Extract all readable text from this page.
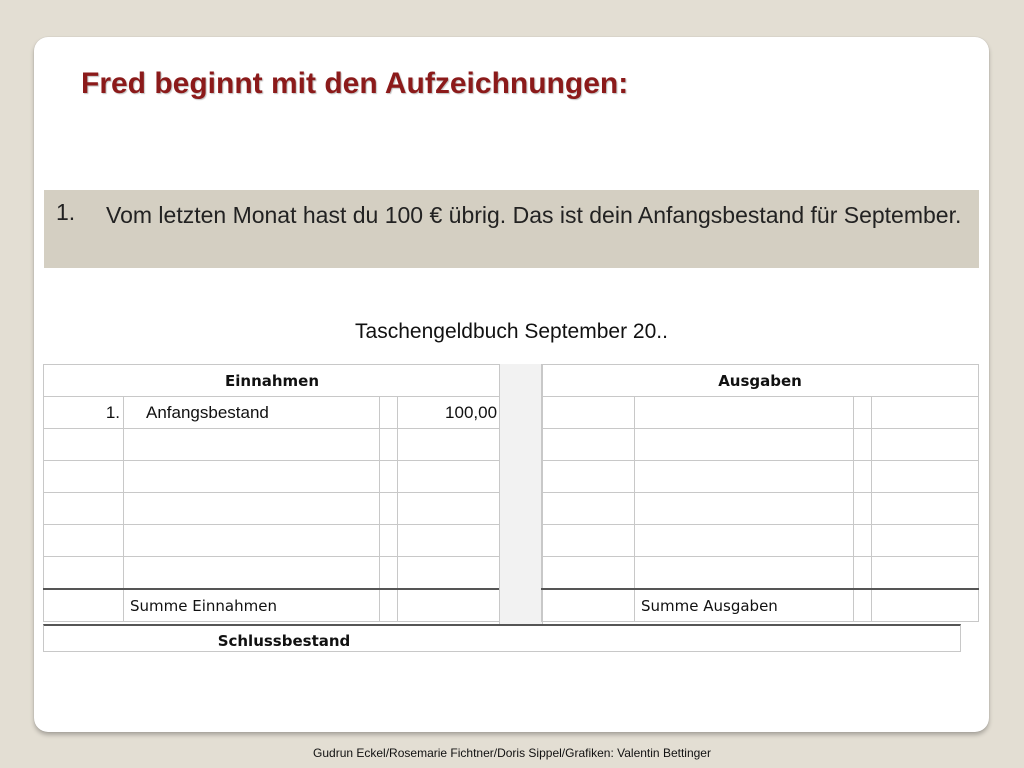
Fred beginnt mit den Aufzeichnungen:
1. Vom letzten Monat hast du 100 € übrig. Das ist dein Anfangsbestand für September.
Taschengeldbuch September 20..
Einnahmen			
1.	Anfangsbestand		100,00

	Summe Einnahmen		
Ausgaben			

	Summe Ausgaben		
Schlussbestand
Gudrun Eckel/Rosemarie Fichtner/Doris Sippel/Grafiken: Valentin Bettinger
